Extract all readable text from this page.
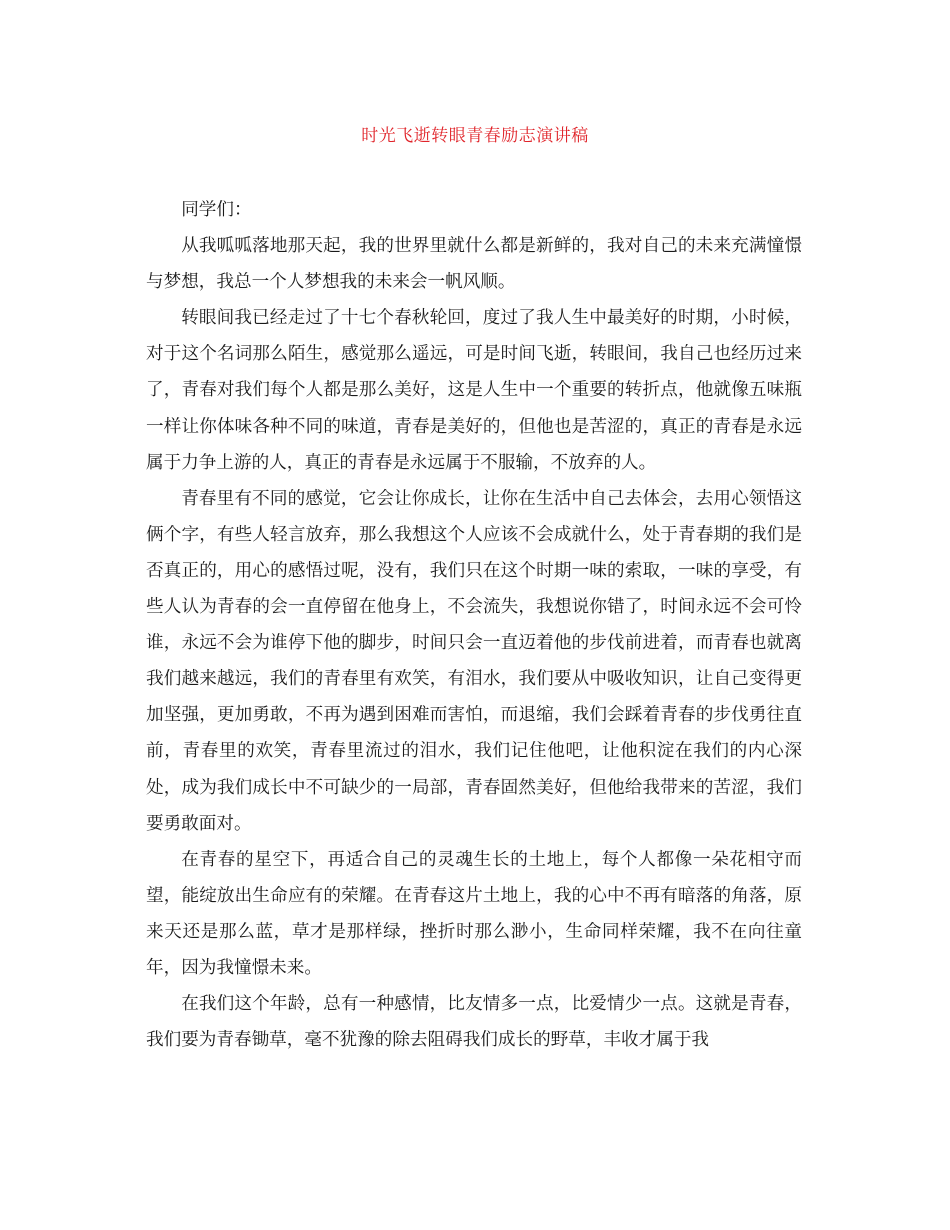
时光飞逝转眼青春励志演讲稿

同学们：

从我呱呱落地那天起，我的世界里就什么都是新鲜的，我对自己的未来充满憧憬与梦想，我总一个人梦想我的未来会一帆风顺。

转眼间我已经走过了十七个春秋轮回，度过了我人生中最美好的时期，小时候，对于这个名词那么陌生，感觉那么遥远，可是时间飞逝，转眼间，我自己也经历过来了，青春对我们每个人都是那么美好，这是人生中一个重要的转折点，他就像五味瓶一样让你体味各种不同的味道，青春是美好的，但他也是苦涩的，真正的青春是永远属于力争上游的人，真正的青春是永远属于不服输，不放弃的人。

青春里有不同的感觉，它会让你成长，让你在生活中自己去体会，去用心领悟这俩个字，有些人轻言放弃，那么我想这个人应该不会成就什么，处于青春期的我们是否真正的，用心的感悟过呢，没有，我们只在这个时期一味的索取，一味的享受，有些人认为青春的会一直停留在他身上，不会流失，我想说你错了，时间永远不会可怜谁，永远不会为谁停下他的脚步，时间只会一直迈着他的步伐前进着，而青春也就离我们越来越远，我们的青春里有欢笑，有泪水，我们要从中吸收知识，让自己变得更加坚强，更加勇敢，不再为遇到困难而害怕，而退缩，我们会踩着青春的步伐勇往直前，青春里的欢笑，青春里流过的泪水，我们记住他吧，让他积淀在我们的内心深处，成为我们成长中不可缺少的一局部，青春固然美好，但他给我带来的苦涩，我们要勇敢面对。

在青春的星空下，再适合自己的灵魂生长的土地上，每个人都像一朵花相守而望，能绽放出生命应有的荣耀。在青春这片土地上，我的心中不再有暗落的角落，原来天还是那么蓝，草才是那样绿，挫折时那么渺小，生命同样荣耀，我不在向往童年，因为我憧憬未来。

在我们这个年龄，总有一种感情，比友情多一点，比爱情少一点。这就是青春，我们要为青春锄草，毫不犹豫的除去阻碍我们成长的野草，丰收才属于我
